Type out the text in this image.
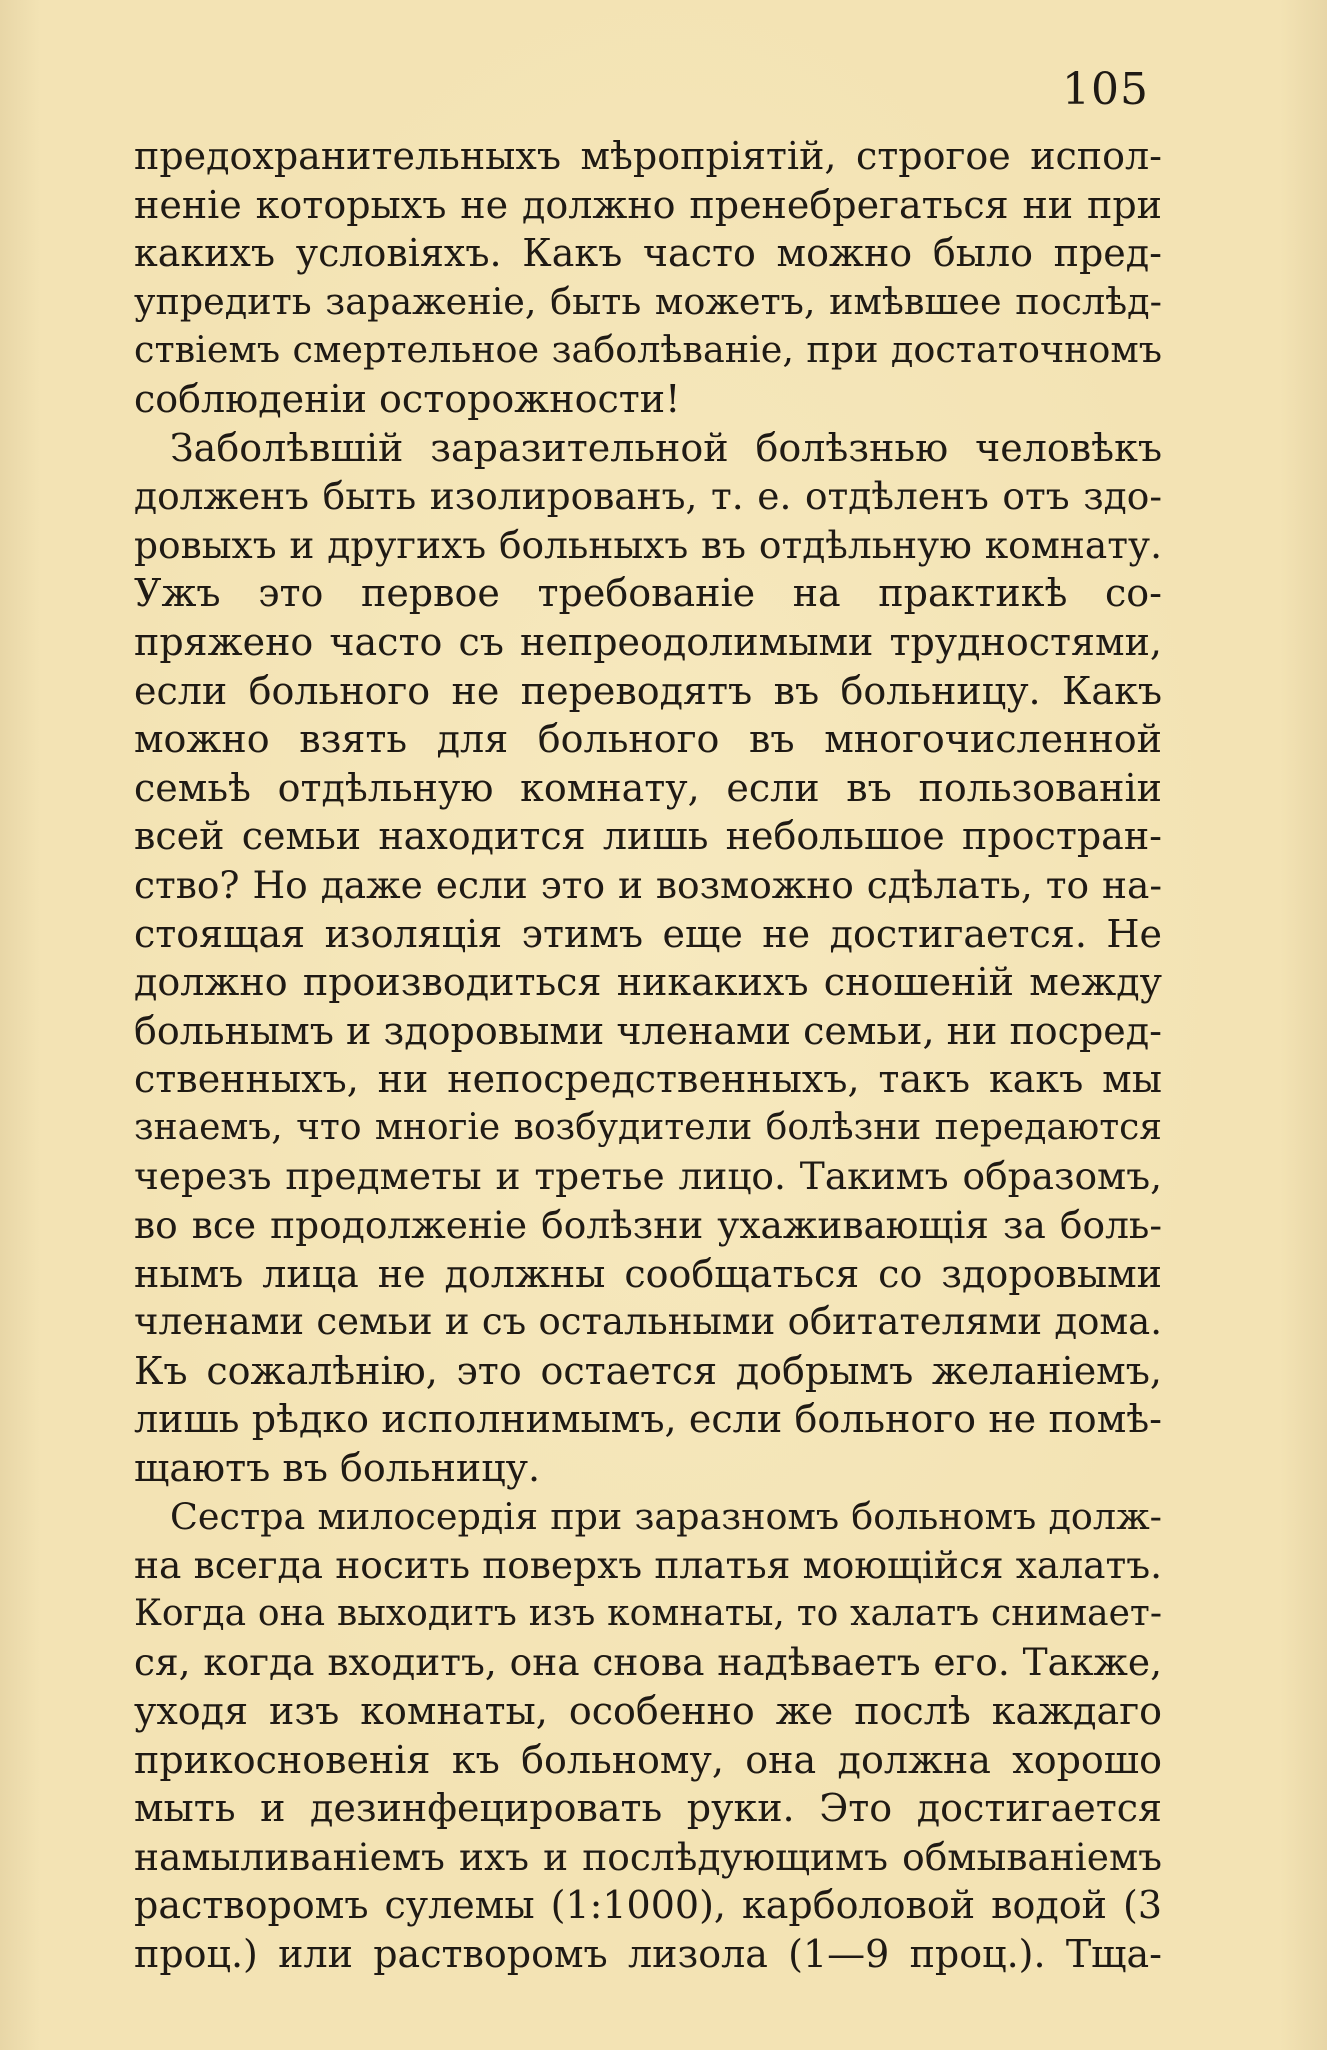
105
предохранительныхъ мѣропріятій, строгое испол-
неніе которыхъ не должно пренебрегаться ни при
какихъ условіяхъ. Какъ часто можно было пред-
упредить зараженіе, быть можетъ, имѣвшее послѣд-
ствіемъ смертельное заболѣваніе, при достаточномъ
соблюденіи осторожности!
Заболѣвшій заразительной болѣзнью человѣкъ
долженъ быть изолированъ, т. е. отдѣленъ отъ здо-
ровыхъ и другихъ больныхъ въ отдѣльную комнату.
Ужъ это первое требованіе на практикѣ со-
пряжено часто съ непреодолимыми трудностями,
если больного не переводятъ въ больницу. Какъ
можно взять для больного въ многочисленной
семьѣ отдѣльную комнату, если въ пользованіи
всей семьи находится лишь небольшое простран-
ство? Но даже если это и возможно сдѣлать, то на-
стоящая изоляція этимъ еще не достигается. Не
должно производиться никакихъ сношеній между
больнымъ и здоровыми членами семьи, ни посред-
ственныхъ, ни непосредственныхъ, такъ какъ мы
знаемъ, что многіе возбудители болѣзни передаются
черезъ предметы и третье лицо. Такимъ образомъ,
во все продолженіе болѣзни ухаживающія за боль-
нымъ лица не должны сообщаться со здоровыми
членами семьи и съ остальными обитателями дома.
Къ сожалѣнію, это остается добрымъ желаніемъ,
лишь рѣдко исполнимымъ, если больного не помѣ-
щаютъ въ больницу.
Сестра милосердія при заразномъ больномъ долж-
на всегда носить поверхъ платья моющійся халатъ.
Когда она выходитъ изъ комнаты, то халатъ снимает-
ся, когда входитъ, она снова надѣваетъ его. Также,
уходя изъ комнаты, особенно же послѣ каждаго
прикосновенія къ больному, она должна хорошо
мыть и дезинфецировать руки. Это достигается
намыливаніемъ ихъ и послѣдующимъ обмываніемъ
растворомъ сулемы (1:1000), карболовой водой (3
проц.) или растворомъ лизола (1—9 проц.). Тща-
